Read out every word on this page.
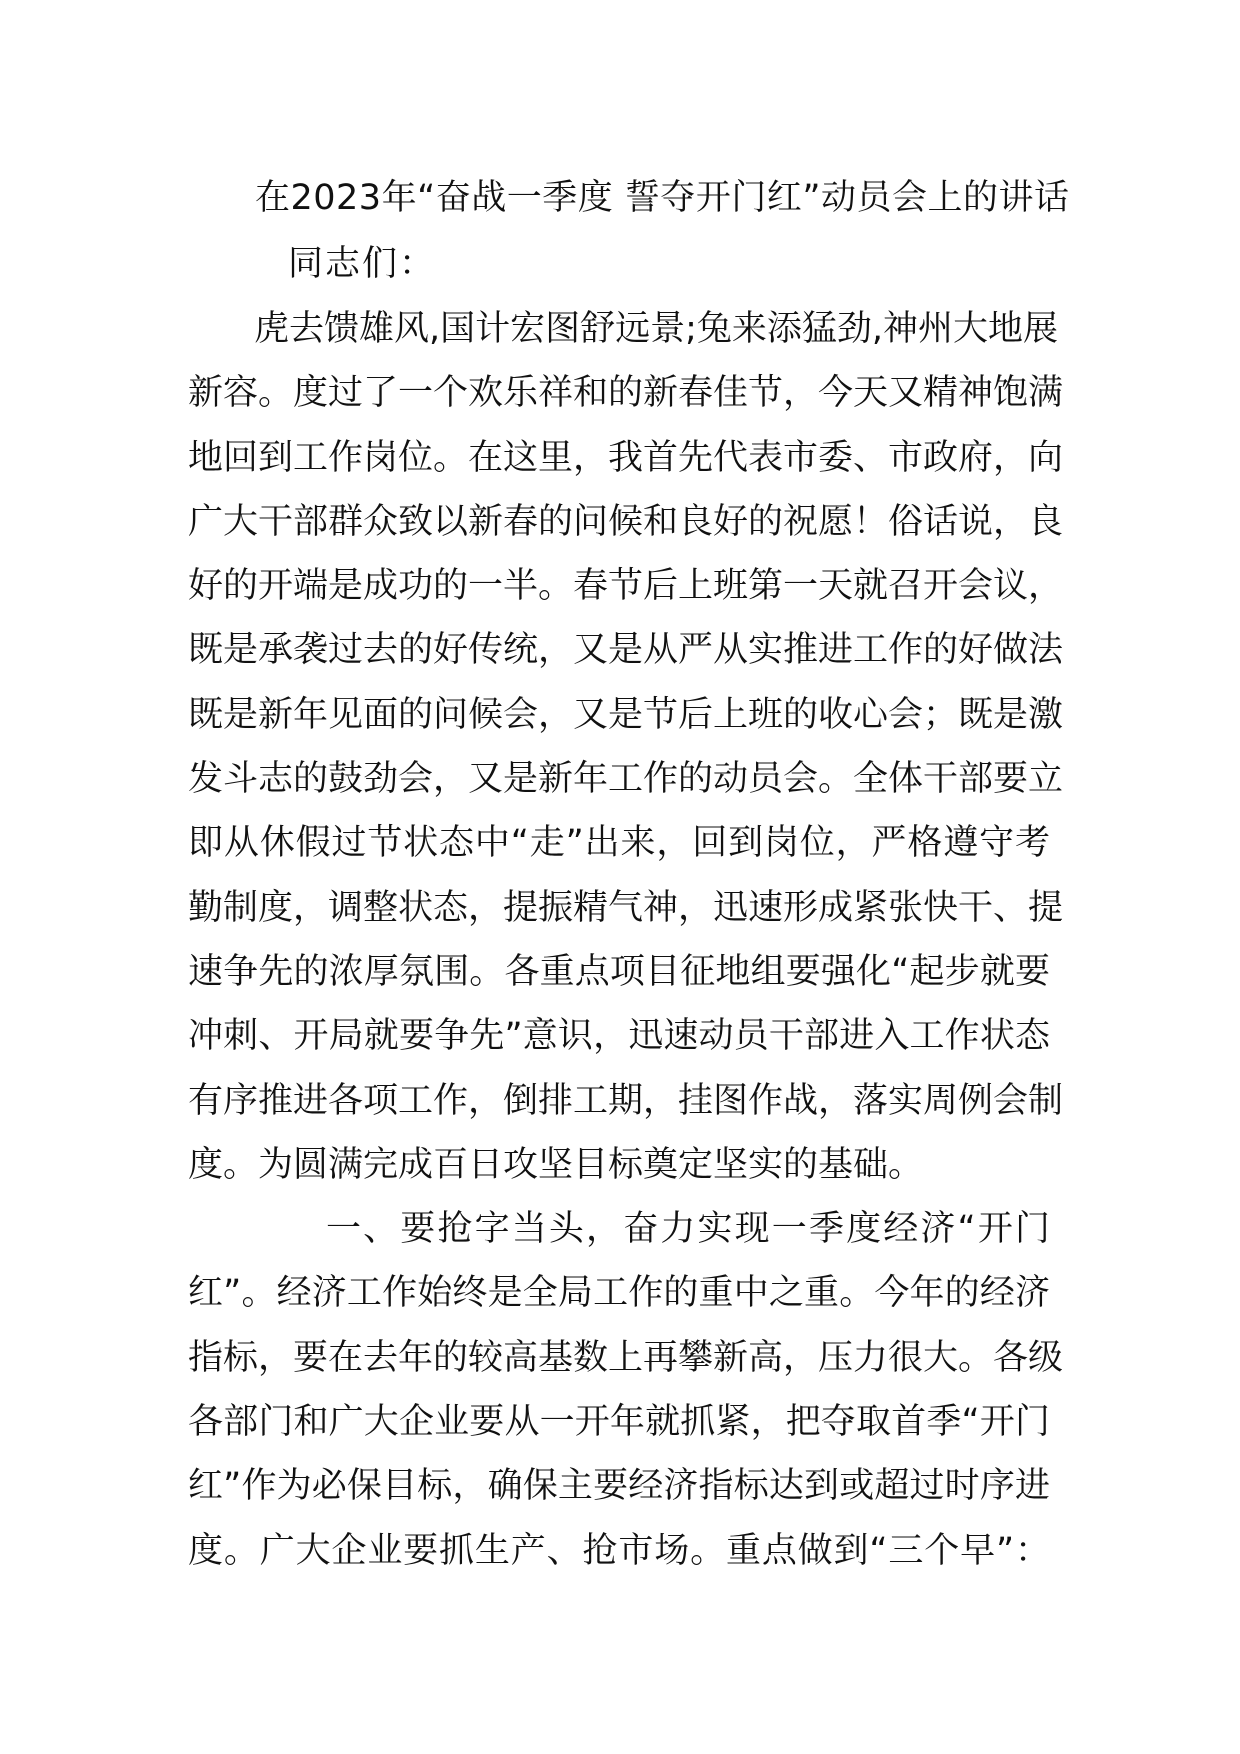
在2023年“奋战一季度 誓夺开门红”动员会上的讲话
同志们：
虎去馈雄风,国计宏图舒远景;兔来添猛劲,神州大地展
新容。度过了一个欢乐祥和的新春佳节，今天又精神饱满
地回到工作岗位。在这里，我首先代表市委、市政府，向
广大干部群众致以新春的问候和良好的祝愿！俗话说，良
好的开端是成功的一半。春节后上班第一天就召开会议，
既是承袭过去的好传统，又是从严从实推进工作的好做法
既是新年见面的问候会，又是节后上班的收心会；既是激
发斗志的鼓劲会，又是新年工作的动员会。全体干部要立
即从休假过节状态中“走”出来，回到岗位，严格遵守考
勤制度，调整状态，提振精气神，迅速形成紧张快干、提
速争先的浓厚氛围。各重点项目征地组要强化“起步就要
冲刺、开局就要争先”意识，迅速动员干部进入工作状态
有序推进各项工作，倒排工期，挂图作战，落实周例会制
度。为圆满完成百日攻坚目标奠定坚实的基础。
一、要抢字当头，奋力实现一季度经济“开门
红”。经济工作始终是全局工作的重中之重。今年的经济
指标，要在去年的较高基数上再攀新高，压力很大。各级
各部门和广大企业要从一开年就抓紧，把夺取首季“开门
红”作为必保目标，确保主要经济指标达到或超过时序进
度。广大企业要抓生产、抢市场。重点做到“三个早”：
